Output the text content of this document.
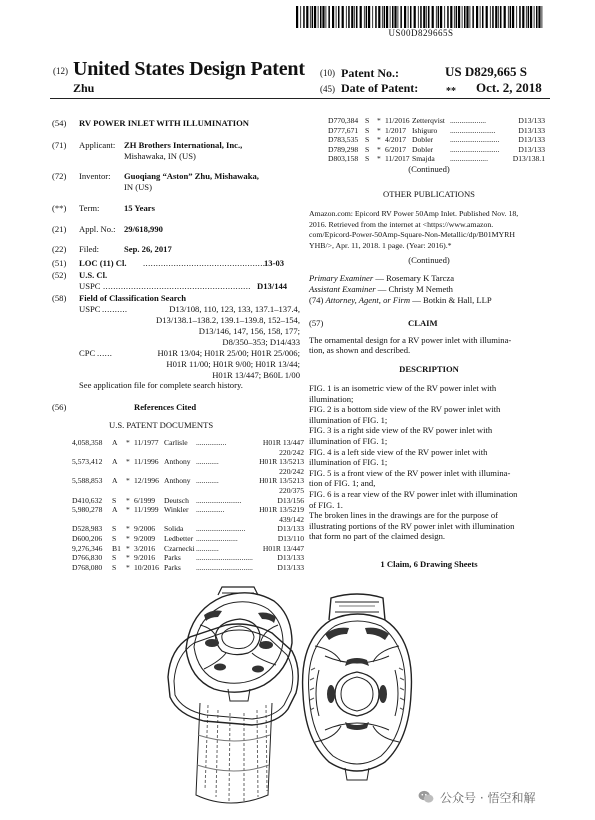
US00D829665S
(12) United States Design Patent (10) Patent No.:	US D829,665 S
Zhu	(45) Date of Patent:	** Oct. 2, 2018
(54) RV POWER INLET WITH ILLUMINATION
(71) Applicant: ZH Brothers International, Inc.,
Mishawaka, IN (US)
(72) Inventor: Guoqiang “Aston” Zhu, Mishawaka,
IN (US)
(**) Term:	15 Years
(21) Appl. No.: 29/618,990
(22) Filed:	Sep. 26, 2017
(51) LOC (11) Cl. ................................................
13-03
(52) U.S. Cl.
USPC .......................................................... D13/144
(58) Field of Classification Search
USPC ..........	D13/108, 110, 123, 133, 137.1–137.4,
D13/138.1–138.2, 139.1–139.8, 152–154,
D13/146, 147, 156, 158, 177;
D8/350–353; D14/433
CPC ......	H01R 13/04; H01R 25/00; H01R 25/006;
H01R 11/00; H01R 9/00; H01R 13/44;
H01R 13/447; B60L 1/00
See application file for complete search history.
(56)	References Cited
U.S. PATENT DOCUMENTS
4,058,358 A * 11/1977 Carlisle ................	H01R 13/447
220/242
5,573,412 A * 11/1996 Anthony ............	H01R 13/5213
220/242
5,588,853 A * 12/1996 Anthony ............	H01R 13/5213
220/375
D410,632 S * 6/1999 Deutsch ........................	D13/156
5,980,278 A * 11/1999 Winkler ...............	H01R 13/5219
439/142
D528,983 S * 9/2006 Solida ..........................	D13/133
D600,206 S * 9/2009 Ledbetter ......................	D13/110
9,276,346 B1 * 3/2016 Czarnecki ............	H01R 13/447
D766,830 S * 9/2016 Parks ..............................	D13/133
D768,080 S * 10/2016 Parks ..............................	D13/133
D770,384 S * 11/2016 Zetterqvist ...................	D13/133
D777,671 S * 1/2017 Ishiguro ........................	D13/133
D783,535 S * 4/2017 Dobler ..........................	D13/133
D789,298 S * 6/2017 Dobler ..........................	D13/133
D803,158 S * 11/2017 Smajda ....................	D13/138.1
(Continued)
OTHER PUBLICATIONS
Amazon.com: Epicord RV Power 50Amp Inlet. Published Nov. 18,
2016. Retrieved from the internet at <https://www.amazon.
com/Epicord-Power-50Amp-Square-Non-Metallic/dp/B01MYRH
YHB/>, Apr. 11, 2018. 1 page. (Year: 2016).*
(Continued)
Primary Examiner — Rosemary K Tarcza
Assistant Examiner — Christy M Nemeth
(74) Attorney, Agent, or Firm — Botkin & Hall, LLP
(57)	CLAIM
The ornamental design for a RV power inlet with illumina-
tion, as shown and described.
DESCRIPTION
FIG. 1 is an isometric view of the RV power inlet with
illumination;
FIG. 2 is a bottom side view of the RV power inlet with
illumination of FIG. 1;
FIG. 3 is a right side view of the RV power inlet with
illumination of FIG. 1;
FIG. 4 is a left side view of the RV power inlet with
illumination of FIG. 1;
FIG. 5 is a front view of the RV power inlet with illumina-
tion of FIG. 1; and,
FIG. 6 is a rear view of the RV power inlet with illumination
of FIG. 1.
The broken lines in the drawings are for the purpose of
illustrating portions of the RV power inlet with illumination
that form no part of the claimed design.
1 Claim, 6 Drawing Sheets
公众号 · 悟空和解
